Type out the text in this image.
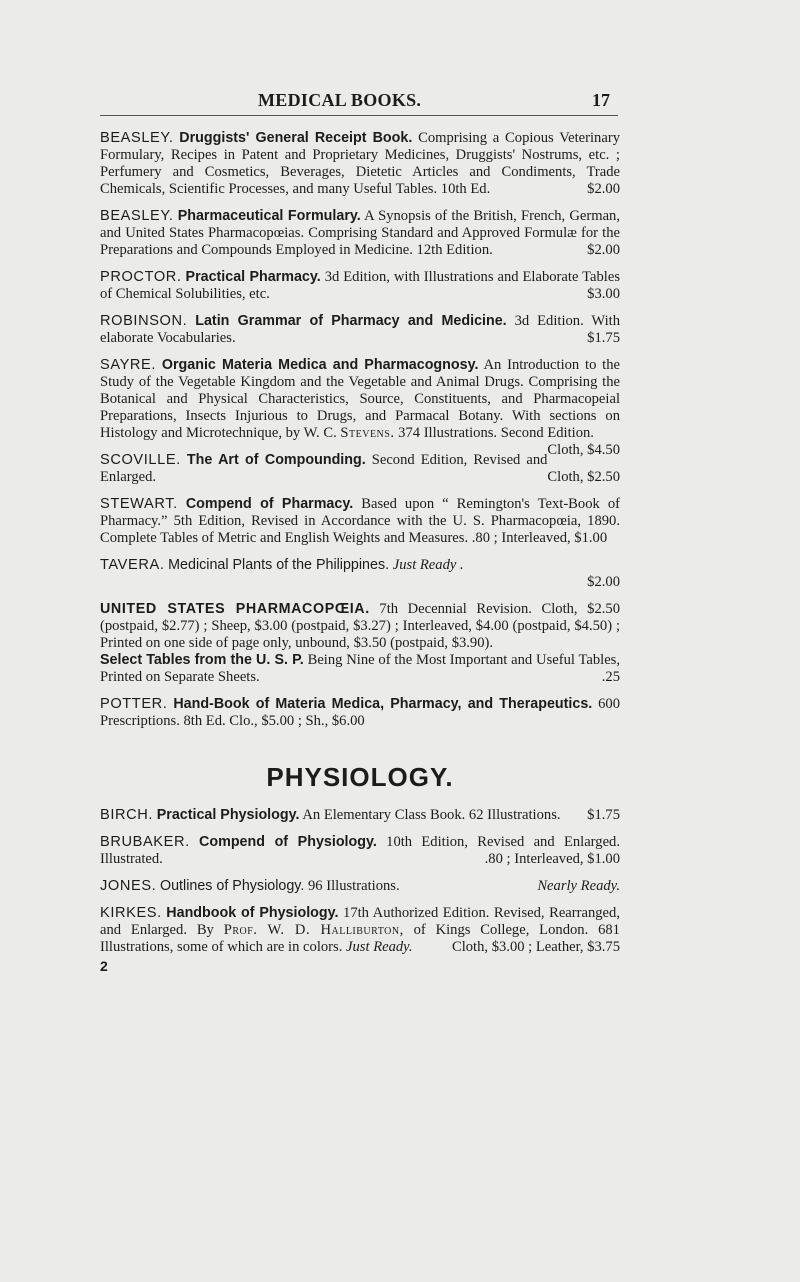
MEDICAL BOOKS.	17

BEASLEY. Druggists' General Receipt Book. Comprising a Copious Veterinary Formulary, Recipes in Patent and Proprietary Medicines, Druggists' Nostrums, etc. ; Perfumery and Cosmetics, Beverages, Dietetic Articles and Condiments, Trade Chemicals, Scientific Processes, and many Useful Tables. 10th Ed.	$2.00

BEASLEY. Pharmaceutical Formulary. A Synopsis of the British, French, German, and United States Pharmacopœias. Comprising Standard and Approved Formulæ for the Preparations and Compounds Employed in Medicine. 12th Edition.	$2.00

PROCTOR. Practical Pharmacy. 3d Edition, with Illustrations and Elaborate Tables of Chemical Solubilities, etc.	$3.00

ROBINSON. Latin Grammar of Pharmacy and Medicine. 3d Edition. With elaborate Vocabularies.	$1.75

SAYRE. Organic Materia Medica and Pharmacognosy. An Introduction to the Study of the Vegetable Kingdom and the Vegetable and Animal Drugs. Comprising the Botanical and Physical Characteristics, Source, Constituents, and Pharmacopeial Preparations, Insects Injurious to Drugs, and Parmacal Botany. With sections on Histology and Microtechnique, by W. C. Stevens. 374 Illustrations. Second Edition.
Cloth, $4.50

SCOVILLE. The Art of Compounding. Second Edition, Revised and Enlarged.	Cloth, $2.50

STEWART. Compend of Pharmacy. Based upon “ Remington's Text-Book of Pharmacy.” 5th Edition, Revised in Accordance with the U. S. Pharmacopœia, 1890. Complete Tables of Metric and English Weights and Measures. .80 ; Interleaved, $1.00

TAVERA. Medicinal Plants of the Philippines. Just Ready .
$2.00

UNITED STATES PHARMACOPŒIA. 7th Decennial Revision. Cloth, $2.50 (postpaid, $2.77) ; Sheep, $3.00 (postpaid, $3.27) ; Interleaved, $4.00 (postpaid, $4.50) ; Printed on one side of page only, unbound, $3.50 (postpaid, $3.90).
Select Tables from the U. S. P. Being Nine of the Most Important and Useful Tables, Printed on Separate Sheets.	.25

POTTER. Hand-Book of Materia Medica, Pharmacy, and Therapeutics. 600 Prescriptions. 8th Ed. Clo., $5.00 ; Sh., $6.00

PHYSIOLOGY.

BIRCH. Practical Physiology. An Elementary Class Book. 62 Illustrations. $1.75

BRUBAKER. Compend of Physiology. 10th Edition, Revised and Enlarged. Illustrated.	.80 ; Interleaved, $1.00

JONES. Outlines of Physiology. 96 Illustrations.	Nearly Ready.

KIRKES. Handbook of Physiology. 17th Authorized Edition. Revised, Rearranged, and Enlarged. By Prof. W. D. Halliburton, of Kings College, London. 681 Illustrations, some of which are in colors. Just Ready.	Cloth, $3.00 ; Leather, $3.75

2
